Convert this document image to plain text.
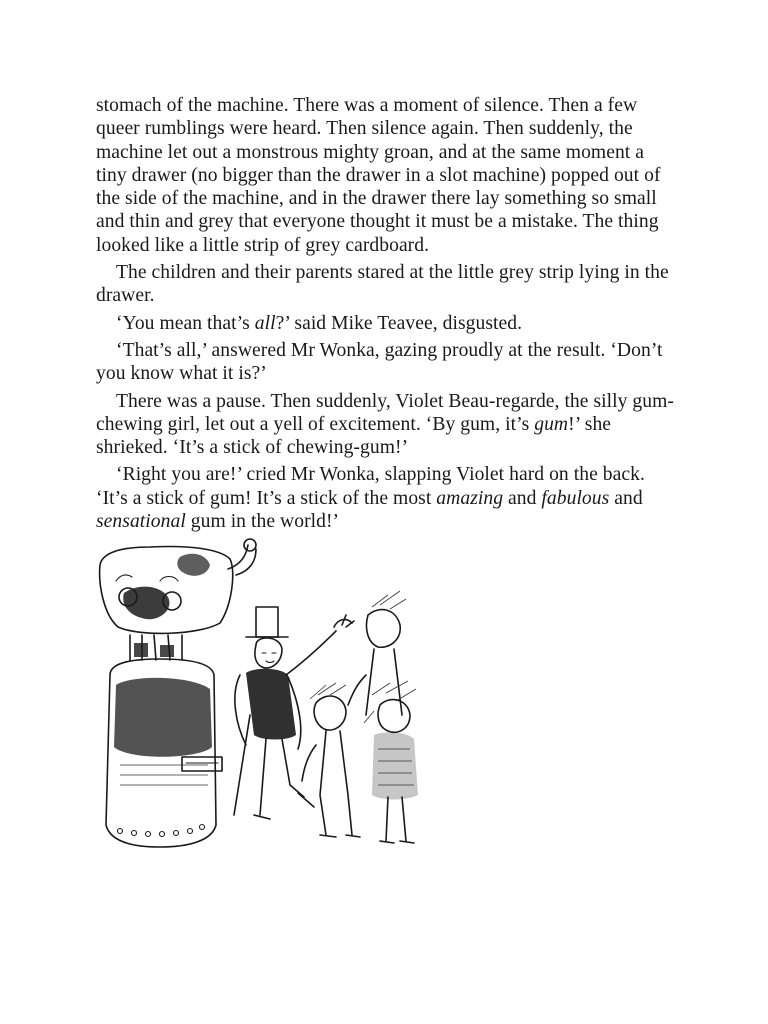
stomach of the machine. There was a moment of silence. Then a few queer rumblings were heard. Then silence again. Then suddenly, the machine let out a monstrous mighty groan, and at the same moment a tiny drawer (no bigger than the drawer in a slot machine) popped out of the side of the machine, and in the drawer there lay something so small and thin and grey that everyone thought it must be a mistake. The thing looked like a little strip of grey cardboard.

The children and their parents stared at the little grey strip lying in the drawer.

‘You mean that’s all?’ said Mike Teavee, disgusted.

‘That’s all,’ answered Mr Wonka, gazing proudly at the result. ‘Don’t you know what it is?’

There was a pause. Then suddenly, Violet Beau-regarde, the silly gum-chewing girl, let out a yell of excitement. ‘By gum, it’s gum!’ she shrieked. ‘It’s a stick of chewing-gum!’

‘Right you are!’ cried Mr Wonka, slapping Violet hard on the back. ‘It’s a stick of gum! It’s a stick of the most amazing and fabulous and sensational gum in the world!’
